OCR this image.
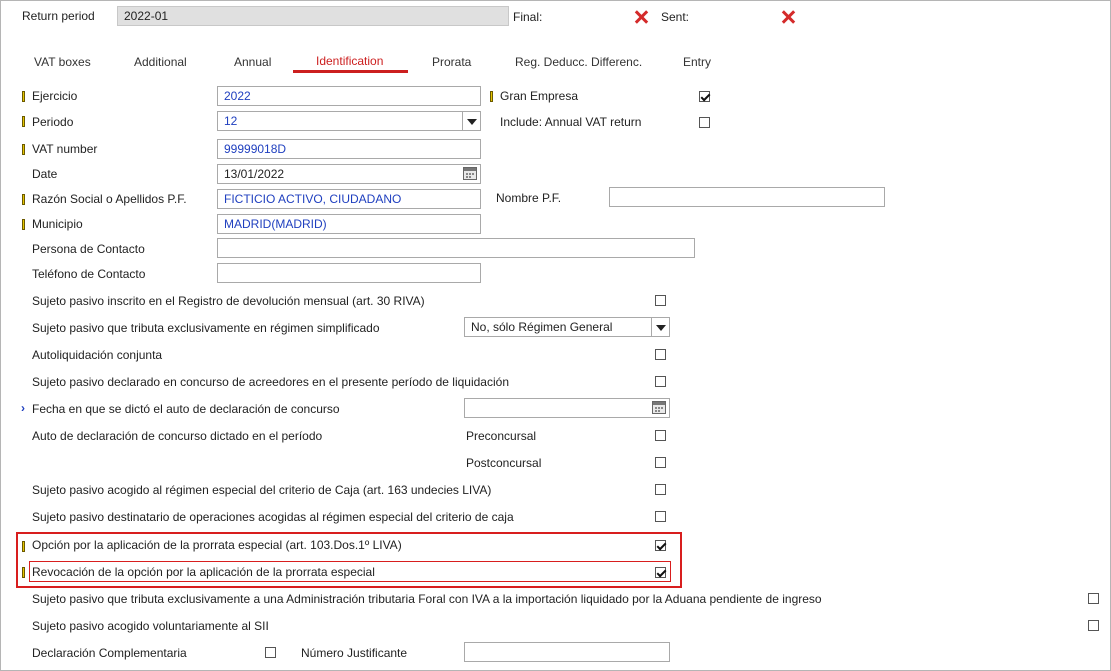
Return period	2022-01	Final:	Sent:
VAT boxes	Additional	Annual	Identification	Prorata	Reg. Deducc. Differenc.	Entry
Ejercicio	2022	Gran Empresa
Periodo	12	Include: Annual VAT return
VAT number	99999018D
Date	13/01/2022
Razón Social o Apellidos P.F.	FICTICIO ACTIVO, CIUDADANO	Nombre P.F.
Municipio	MADRID(MADRID)
Persona de Contacto
Teléfono de Contacto
Sujeto pasivo inscrito en el Registro de devolución mensual (art. 30 RIVA)
Sujeto pasivo que tributa exclusivamente en régimen simplificado	No, sólo Régimen General
Autoliquidación conjunta
Sujeto pasivo declarado en concurso de acreedores en el presente período de liquidación
› Fecha en que se dictó el auto de declaración de concurso
Auto de declaración de concurso dictado en el período	Preconcursal
Postconcursal
Sujeto pasivo acogido al régimen especial del criterio de Caja (art. 163 undecies LIVA)
Sujeto pasivo destinatario de operaciones acogidas al régimen especial del criterio de caja
Opción por la aplicación de la prorrata especial (art. 103.Dos.1º LIVA)
Revocación de la opción por la aplicación de la prorrata especial
Sujeto pasivo que tributa exclusivamente a una Administración tributaria Foral con IVA a la importación liquidado por la Aduana pendiente de ingreso
Sujeto pasivo acogido voluntariamente al SII
Declaración Complementaria	Número Justificante
